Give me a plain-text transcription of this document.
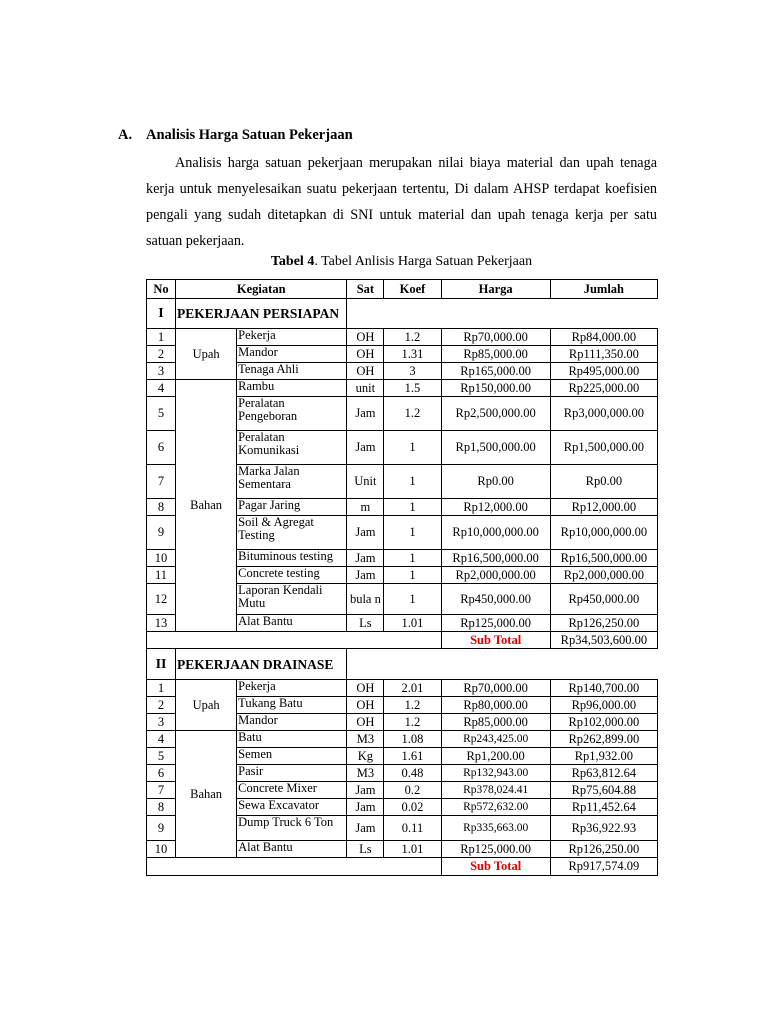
A. Analisis Harga Satuan Pekerjaan
Analisis harga satuan pekerjaan merupakan nilai biaya material dan upah tenaga kerja untuk menyelesaikan suatu pekerjaan tertentu, Di dalam AHSP terdapat koefisien pengali yang sudah ditetapkan di SNI untuk material dan upah tenaga kerja per satu satuan pekerjaan.
Tabel 4. Tabel Anlisis Harga Satuan Pekerjaan
No	Kegiatan		Sat	Koef	Harga	Jumlah
I	PEKERJAAN PERSIAPAN					
1	Upah	Pekerja	OH	1.2	Rp70,000.00	Rp84,000.00
2		Mandor	OH	1.31	Rp85,000.00	Rp111,350.00
3		Tenaga Ahli	OH	3	Rp165,000.00	Rp495,000.00
4	Bahan	Rambu	unit	1.5	Rp150,000.00	Rp225,000.00
5		Peralatan Pengeboran	Jam	1.2	Rp2,500,000.00	Rp3,000,000.00
6		Peralatan Komunikasi	Jam	1	Rp1,500,000.00	Rp1,500,000.00
7		Marka Jalan Sementara	Unit	1	Rp0.00	Rp0.00
8		Pagar Jaring	m	1	Rp12,000.00	Rp12,000.00
9		Soil & Agregat Testing	Jam	1	Rp10,000,000.00	Rp10,000,000.00
10		Bituminous testing	Jam	1	Rp16,500,000.00	Rp16,500,000.00
11		Concrete testing	Jam	1	Rp2,000,000.00	Rp2,000,000.00
12		Laporan Kendali Mutu	bula n	1	Rp450,000.00	Rp450,000.00
13		Alat Bantu	Ls	1.01	Rp125,000.00	Rp126,250.00
					Sub Total	Rp34,503,600.00
II	PEKERJAAN DRAINASE					
1	Upah	Pekerja	OH	2.01	Rp70,000.00	Rp140,700.00
2		Tukang Batu	OH	1.2	Rp80,000.00	Rp96,000.00
3		Mandor	OH	1.2	Rp85,000.00	Rp102,000.00
4	Bahan	Batu	M3	1.08	Rp243,425.00	Rp262,899.00
5		Semen	Kg	1.61	Rp1,200.00	Rp1,932.00
6		Pasir	M3	0.48	Rp132,943.00	Rp63,812.64
7		Concrete Mixer	Jam	0.2	Rp378,024.41	Rp75,604.88
8		Sewa Excavator	Jam	0.02	Rp572,632.00	Rp11,452.64
9		Dump Truck 6 Ton	Jam	0.11	Rp335,663.00	Rp36,922.93
10		Alat Bantu	Ls	1.01	Rp125,000.00	Rp126,250.00
					Sub Total	Rp917,574.09
